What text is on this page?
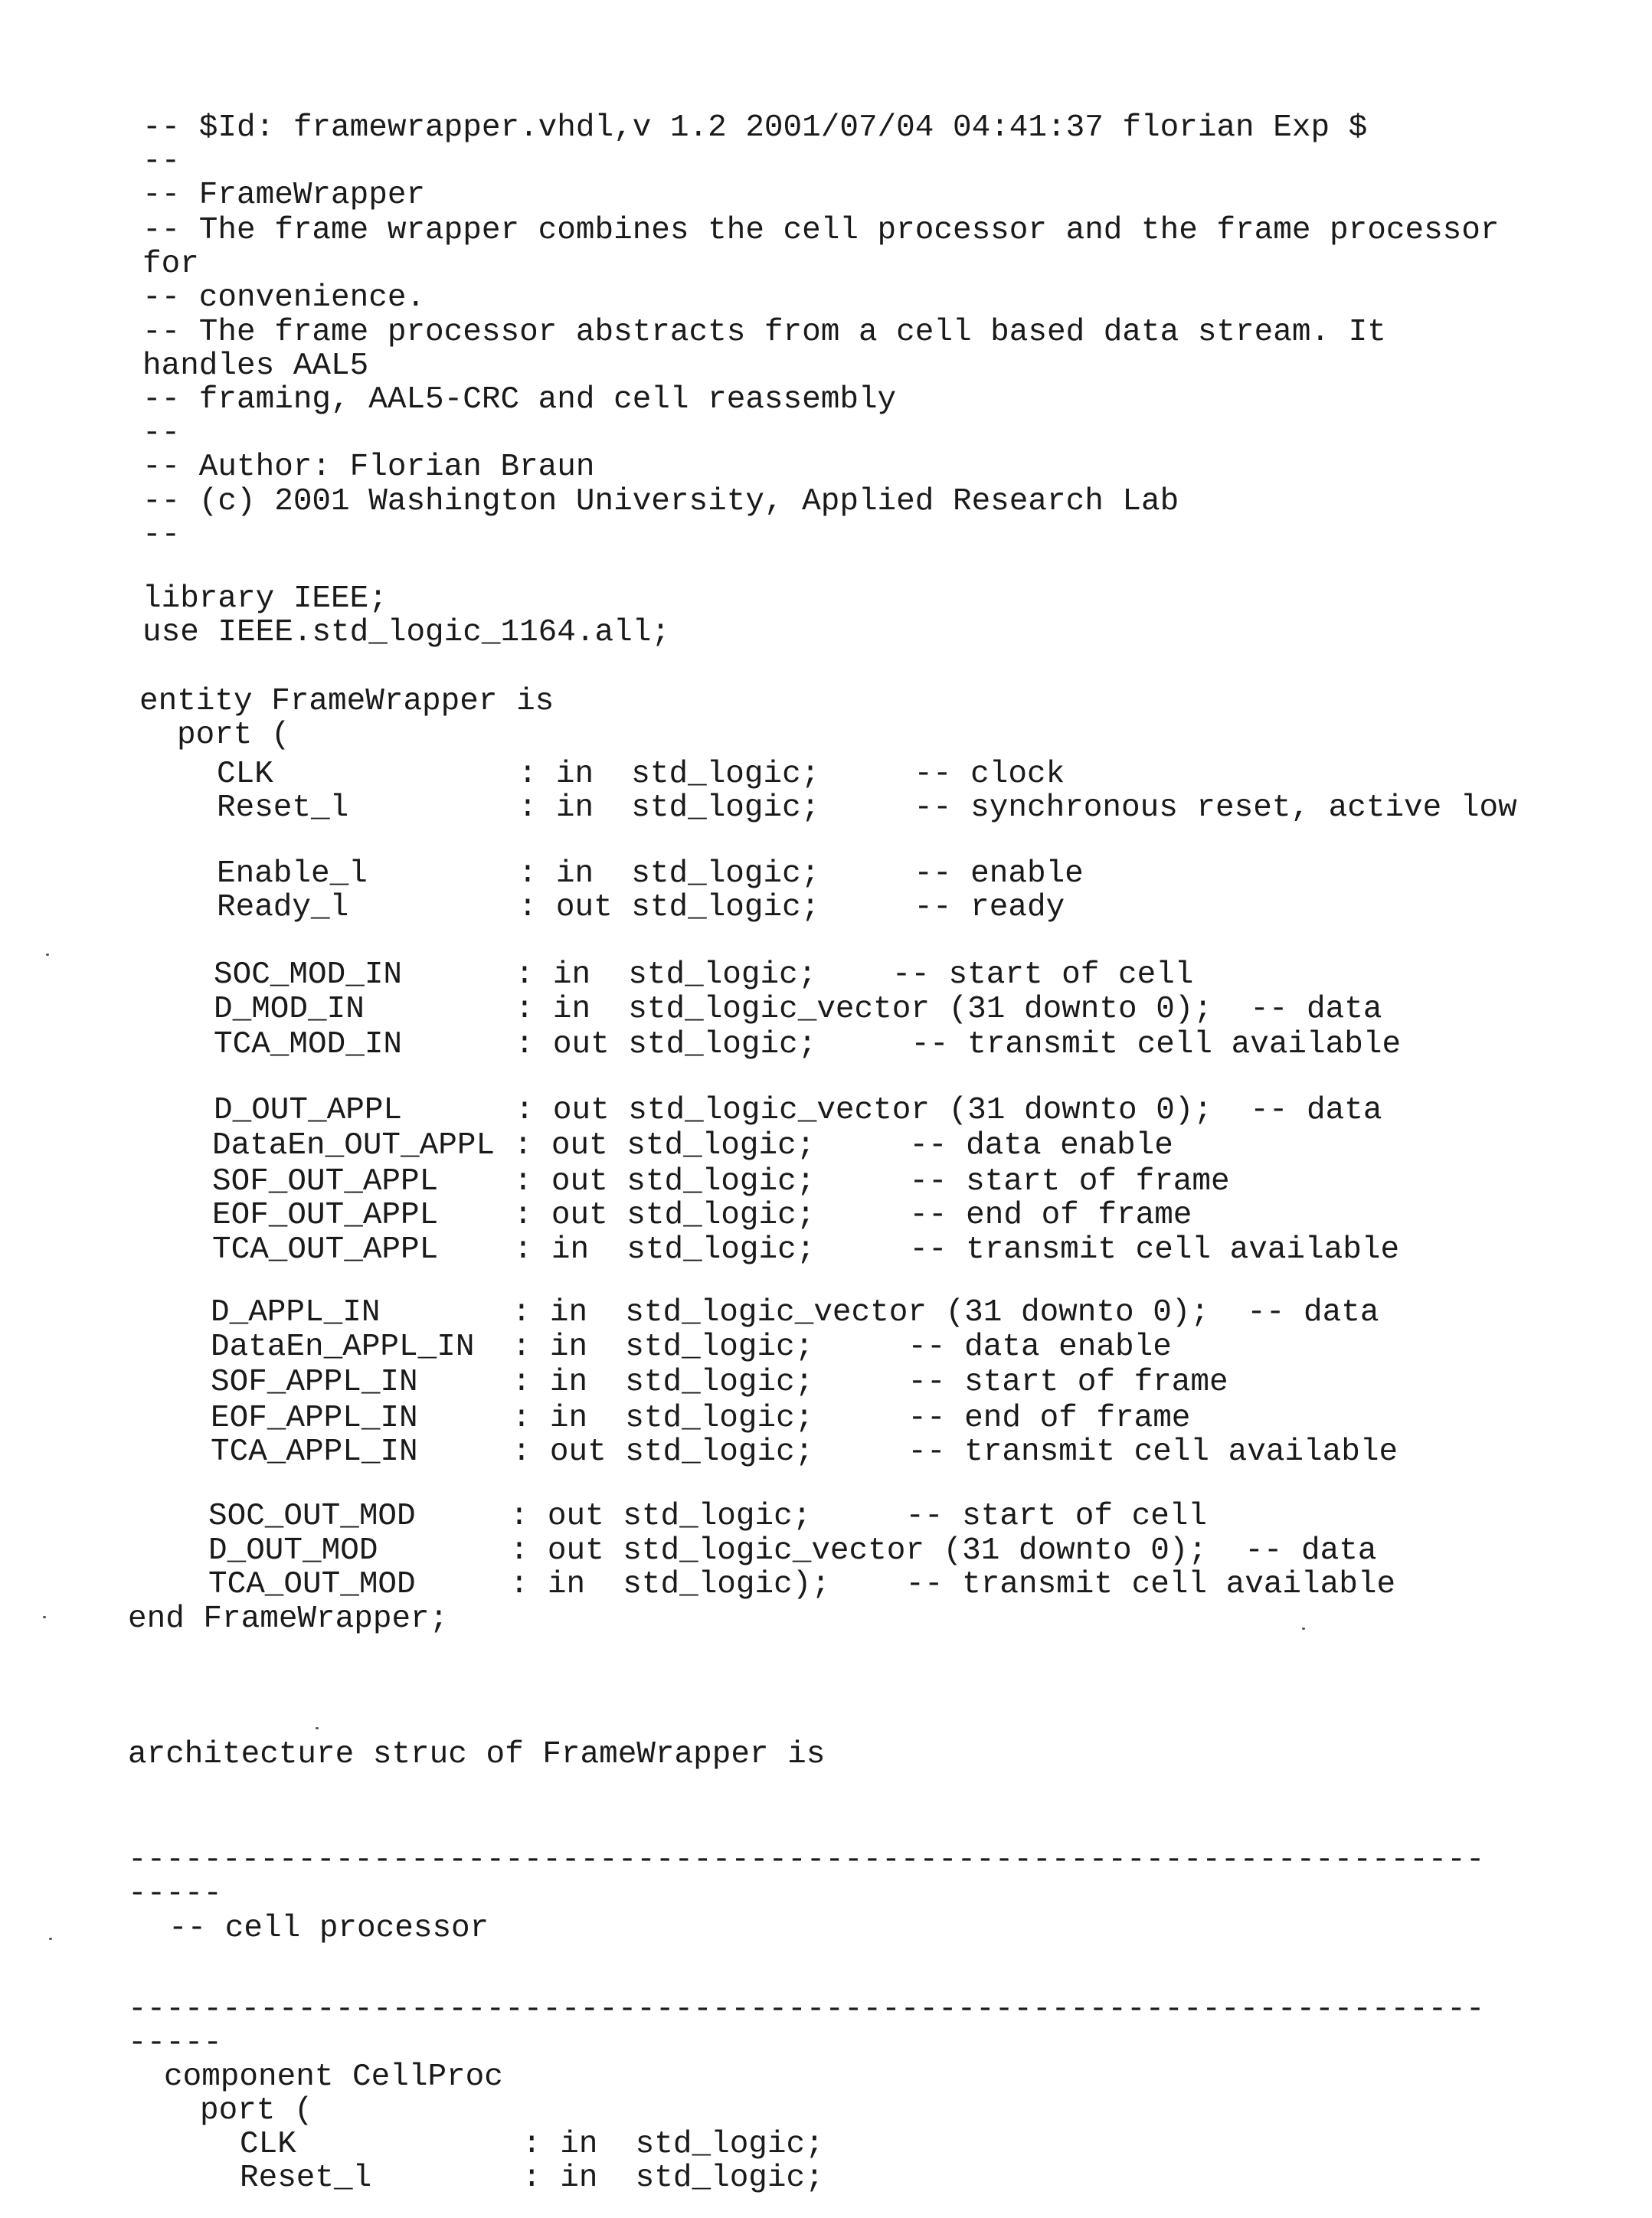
-- $Id: framewrapper.vhdl,v 1.2 2001/07/04 04:41:37 florian Exp $
--
-- FrameWrapper
-- The frame wrapper combines the cell processor and the frame processor
for
-- convenience.
-- The frame processor abstracts from a cell based data stream. It
handles AAL5
-- framing, AAL5-CRC and cell reassembly
--
-- Author: Florian Braun
-- (c) 2001 Washington University, Applied Research Lab
--
library IEEE;
use IEEE.std_logic_1164.all;
entity FrameWrapper is
port (
CLK             : in  std_logic;     -- clock
Reset_l         : in  std_logic;     -- synchronous reset, active low
Enable_l        : in  std_logic;     -- enable
Ready_l         : out std_logic;     -- ready
SOC_MOD_IN      : in  std_logic;    -- start of cell
D_MOD_IN        : in  std_logic_vector (31 downto 0);  -- data
TCA_MOD_IN      : out std_logic;     -- transmit cell available
D_OUT_APPL      : out std_logic_vector (31 downto 0);  -- data
DataEn_OUT_APPL : out std_logic;     -- data enable
SOF_OUT_APPL    : out std_logic;     -- start of frame
EOF_OUT_APPL    : out std_logic;     -- end of frame
TCA_OUT_APPL    : in  std_logic;     -- transmit cell available
D_APPL_IN       : in  std_logic_vector (31 downto 0);  -- data
DataEn_APPL_IN  : in  std_logic;     -- data enable
SOF_APPL_IN     : in  std_logic;     -- start of frame
EOF_APPL_IN     : in  std_logic;     -- end of frame
TCA_APPL_IN     : out std_logic;     -- transmit cell available
SOC_OUT_MOD     : out std_logic;     -- start of cell
D_OUT_MOD       : out std_logic_vector (31 downto 0);  -- data
TCA_OUT_MOD     : in  std_logic);    -- transmit cell available
end FrameWrapper;
architecture struc of FrameWrapper is
------------------------------------------------------------------------
-----
-- cell processor
------------------------------------------------------------------------
-----
component CellProc
port (
CLK            : in  std_logic;
Reset_l        : in  std_logic;
